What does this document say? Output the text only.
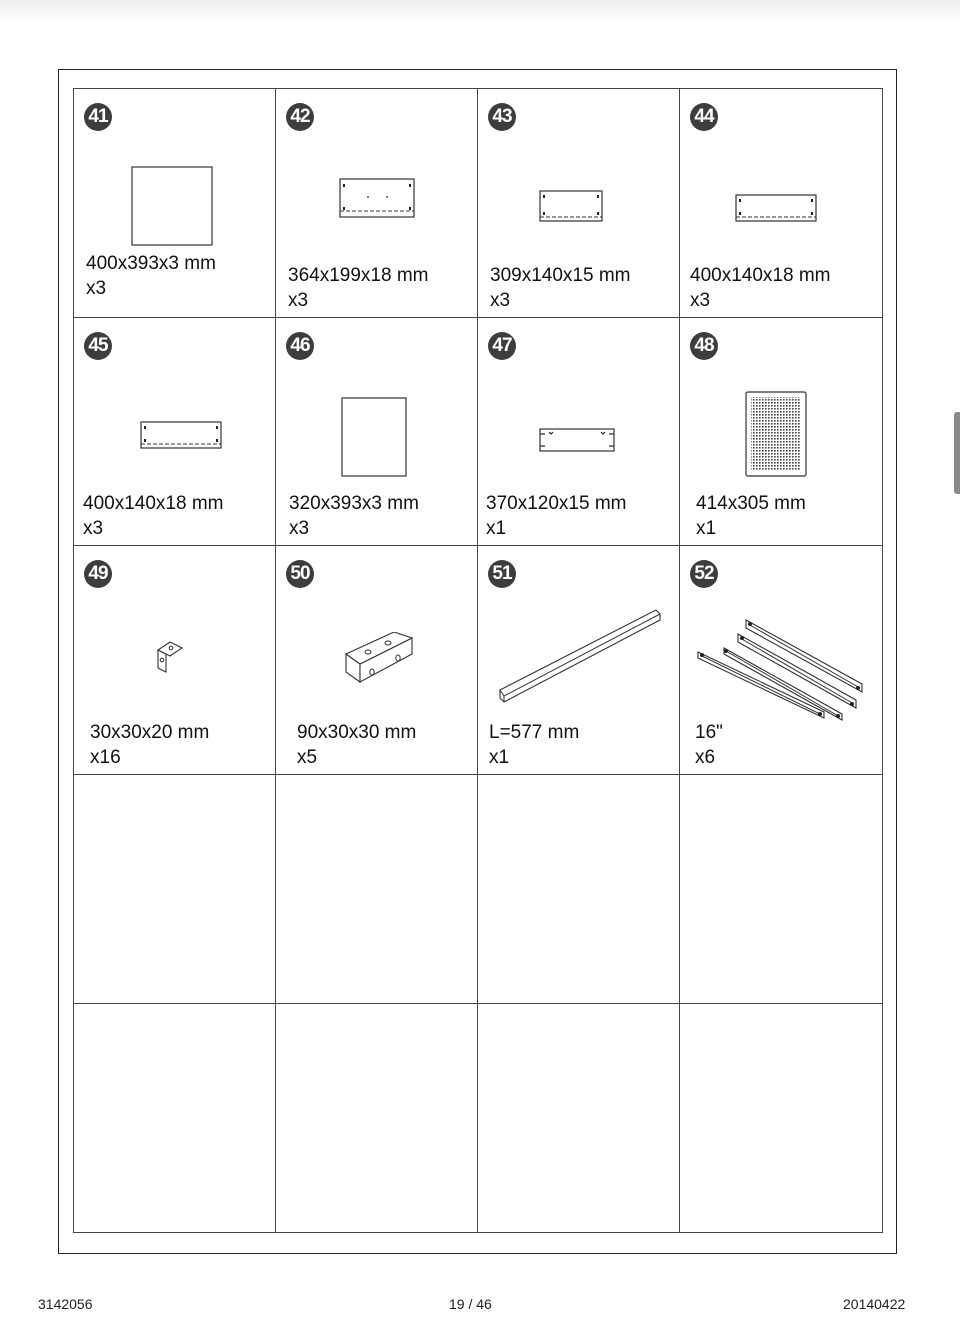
41
400x393x3 mm
x3
42
364x199x18 mm
x3
43
309x140x15 mm
x3
44
400x140x18 mm
x3
45
400x140x18 mm
x3
46
320x393x3 mm
x3
47
370x120x15 mm
x1
48
414x305 mm
x1
49
30x30x20 mm
x16
50
90x30x30 mm
x5
51
L=577 mm
x1
52
16"
x6
3142056	19 / 46	20140422
